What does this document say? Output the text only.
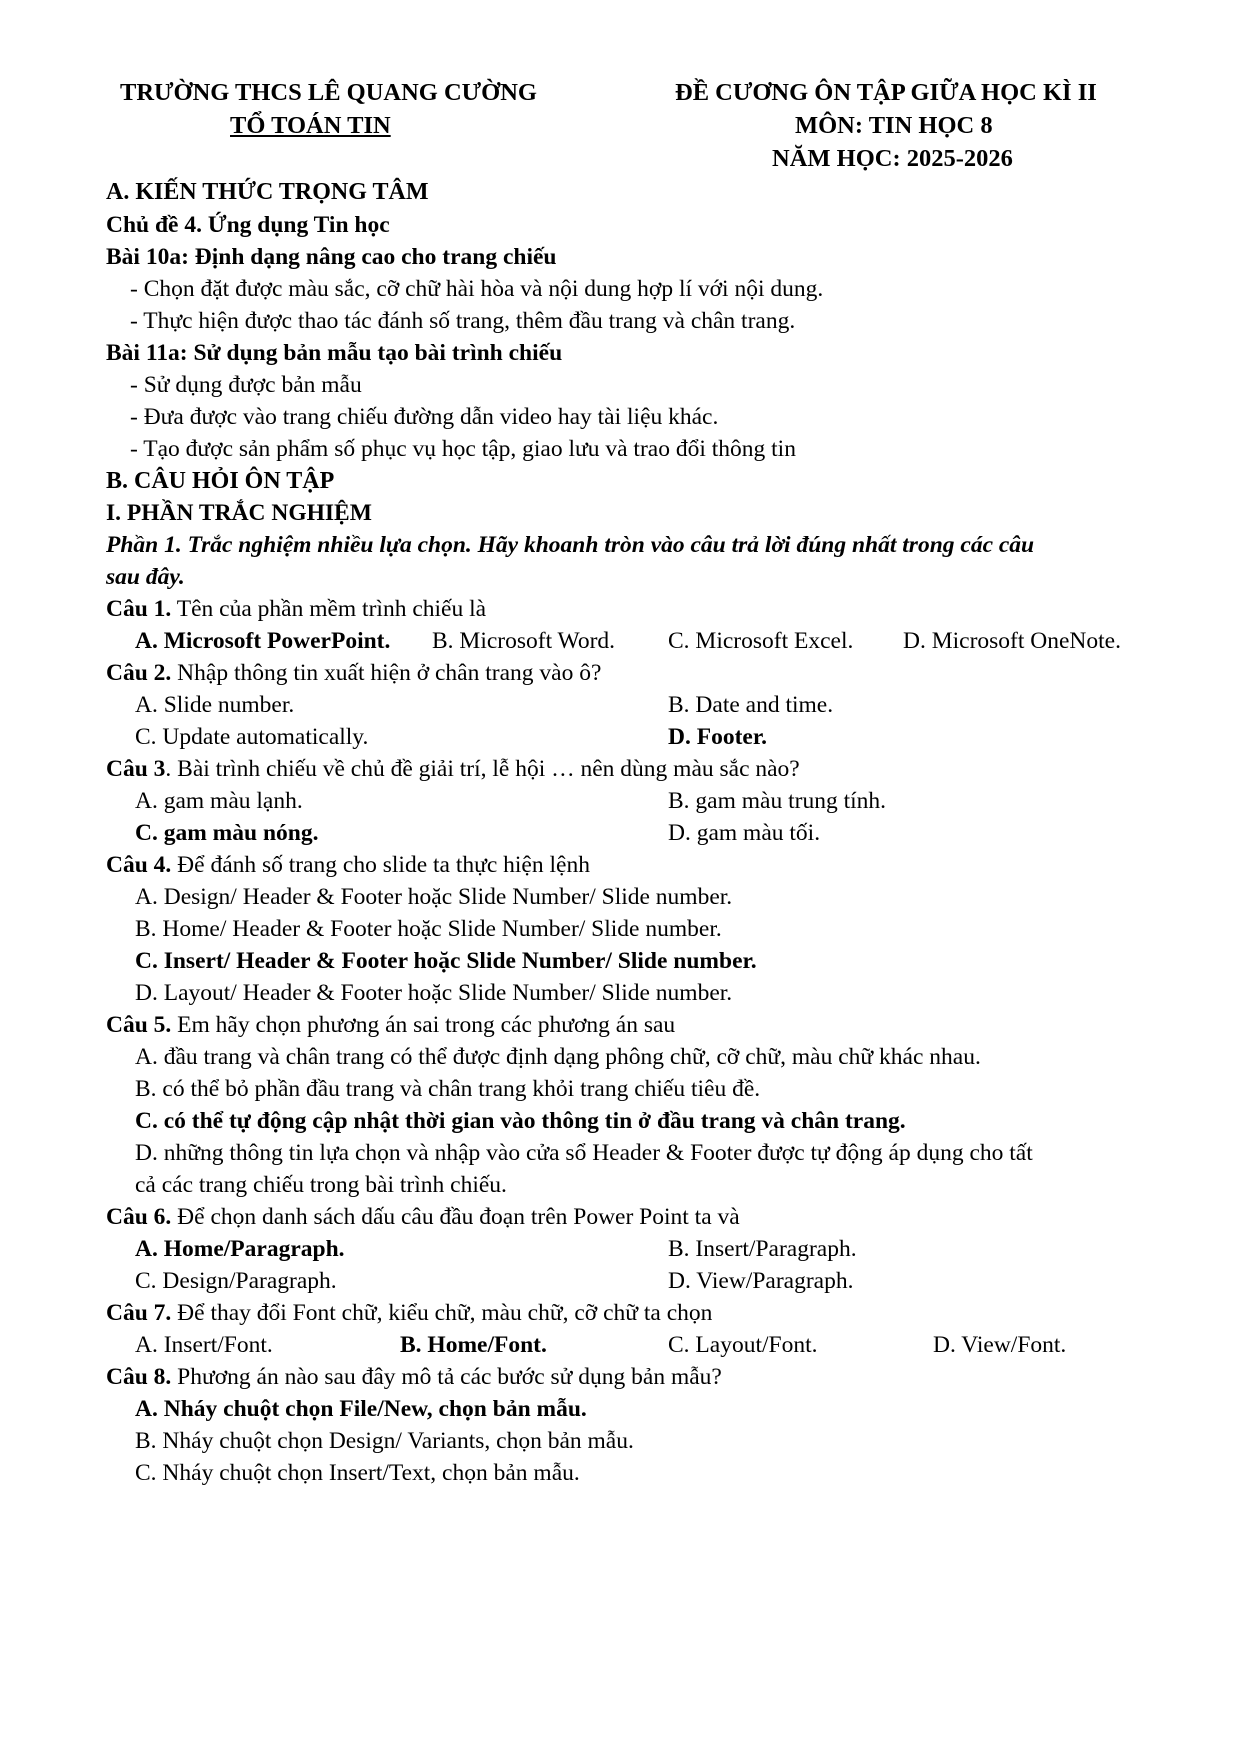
TRƯỜNG THCS LÊ QUANG CƯỜNG
TỔ TOÁN TIN
ĐỀ CƯƠNG ÔN TẬP GIỮA HỌC KÌ II
MÔN: TIN HỌC 8
NĂM HỌC: 2025-2026
A. KIẾN THỨC TRỌNG TÂM
Chủ đề 4. Ứng dụng Tin học
Bài 10a: Định dạng nâng cao cho trang chiếu
- Chọn đặt được màu sắc, cỡ chữ hài hòa và nội dung hợp lí với nội dung.
- Thực hiện được thao tác đánh số trang, thêm đầu trang và chân trang.
Bài 11a: Sử dụng bản mẫu tạo bài trình chiếu
- Sử dụng được bản mẫu
- Đưa được vào trang chiếu đường dẫn video hay tài liệu khác.
- Tạo được sản phẩm số phục vụ học tập, giao lưu và trao đổi thông tin
B. CÂU HỎI ÔN TẬP
I. PHẦN TRẮC NGHIỆM
Phần 1. Trắc nghiệm nhiều lựa chọn. Hãy khoanh tròn vào câu trả lời đúng nhất trong các câu
sau đây.
Câu 1. Tên của phần mềm trình chiếu là
A. Microsoft PowerPoint. B. Microsoft Word. C. Microsoft Excel. D. Microsoft OneNote.
Câu 2. Nhập thông tin xuất hiện ở chân trang vào ô?
A. Slide number.	B. Date and time.
C. Update automatically.	D. Footer.
Câu 3. Bài trình chiếu về chủ đề giải trí, lễ hội … nên dùng màu sắc nào?
A. gam màu lạnh.	B. gam màu trung tính.
C. gam màu nóng.	D. gam màu tối.
Câu 4. Để đánh số trang cho slide ta thực hiện lệnh
A. Design/ Header & Footer hoặc Slide Number/ Slide number.
B. Home/ Header & Footer hoặc Slide Number/ Slide number.
C. Insert/ Header & Footer hoặc Slide Number/ Slide number.
D. Layout/ Header & Footer hoặc Slide Number/ Slide number.
Câu 5. Em hãy chọn phương án sai trong các phương án sau
A. đầu trang và chân trang có thể được định dạng phông chữ, cỡ chữ, màu chữ khác nhau.
B. có thể bỏ phần đầu trang và chân trang khỏi trang chiếu tiêu đề.
C. có thể tự động cập nhật thời gian vào thông tin ở đầu trang và chân trang.
D. những thông tin lựa chọn và nhập vào cửa sổ Header & Footer được tự động áp dụng cho tất
cả các trang chiếu trong bài trình chiếu.
Câu 6. Để chọn danh sách dấu câu đầu đoạn trên Power Point ta và
A. Home/Paragraph.	B. Insert/Paragraph.
C. Design/Paragraph.	D. View/Paragraph.
Câu 7. Để thay đổi Font chữ, kiểu chữ, màu chữ, cỡ chữ ta chọn
A. Insert/Font.	B. Home/Font.	C. Layout/Font.	D. View/Font.
Câu 8. Phương án nào sau đây mô tả các bước sử dụng bản mẫu?
A. Nháy chuột chọn File/New, chọn bản mẫu.
B. Nháy chuột chọn Design/ Variants, chọn bản mẫu.
C. Nháy chuột chọn Insert/Text, chọn bản mẫu.
